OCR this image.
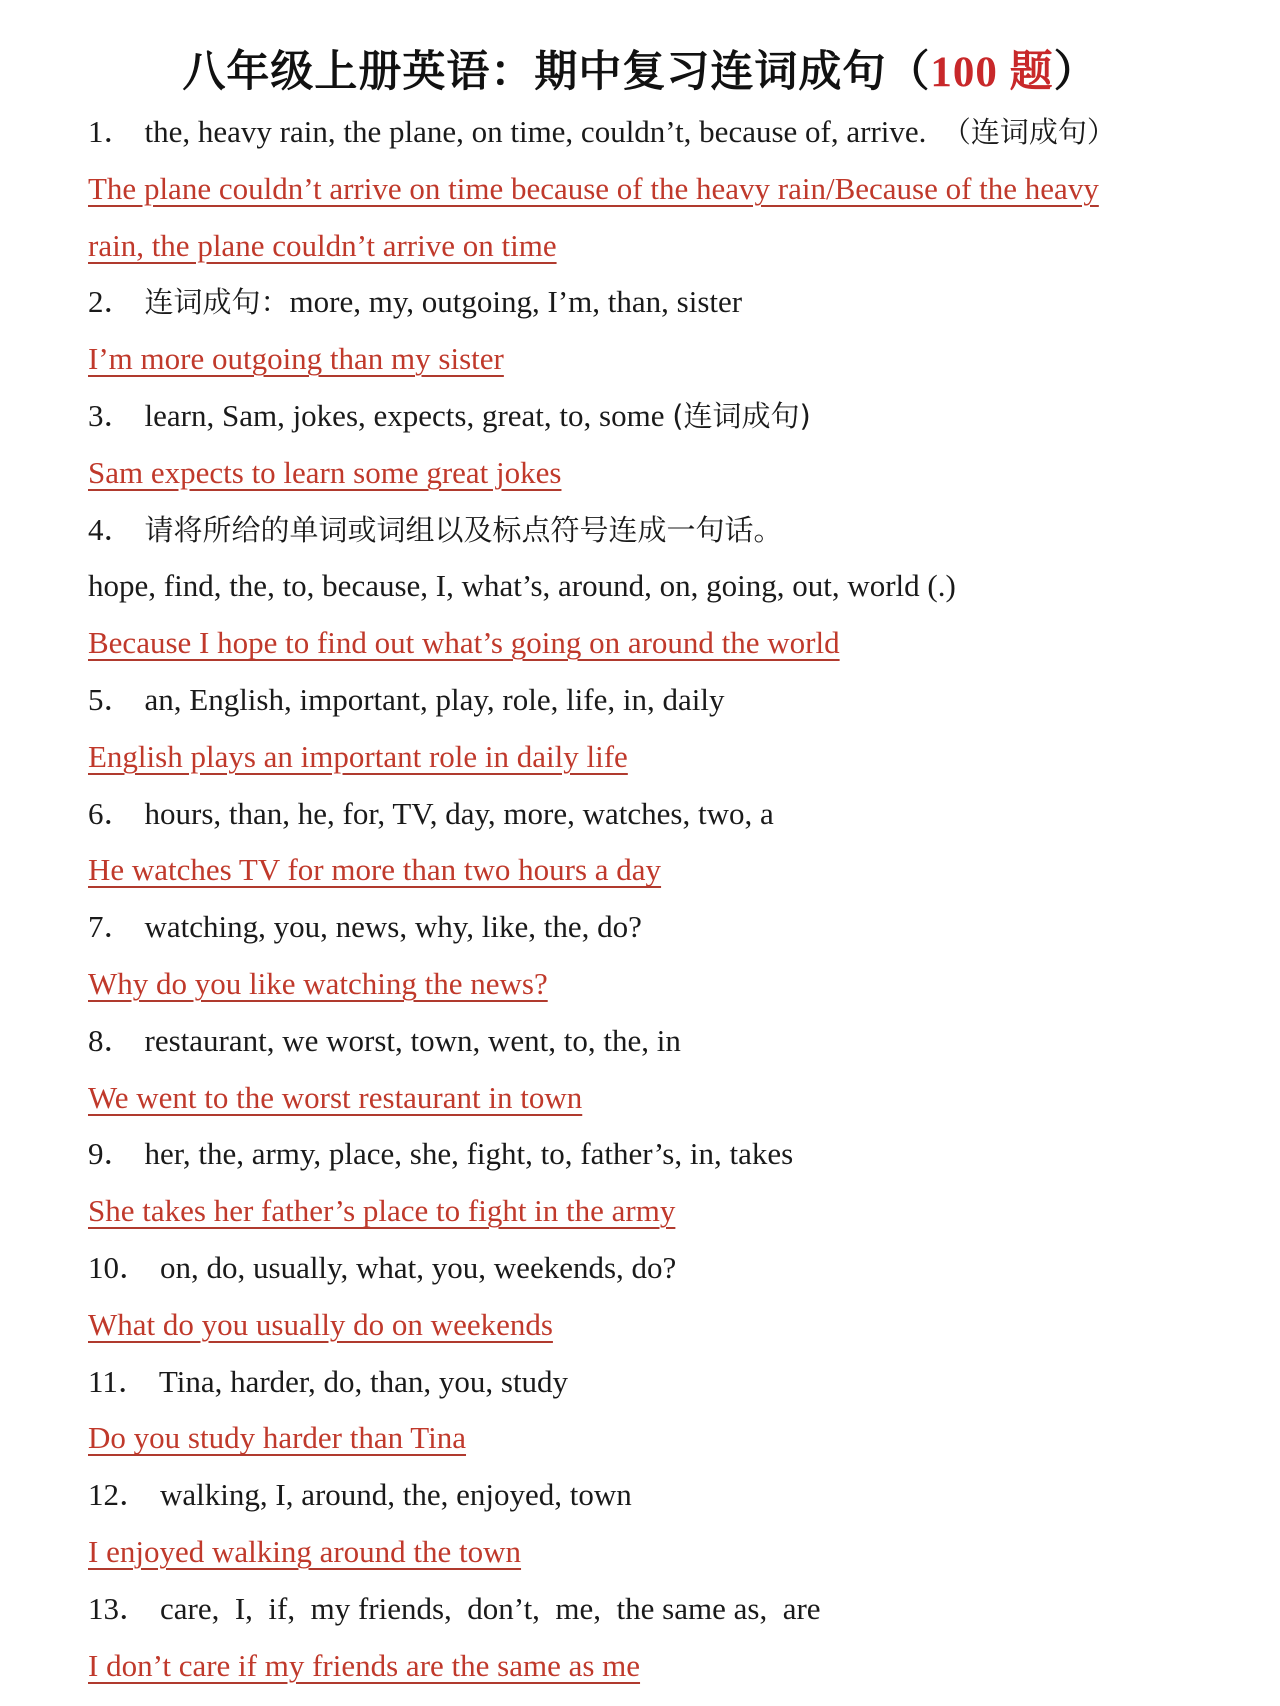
八年级上册英语：期中复习连词成句（100 题）
1． the, heavy rain, the plane, on time, couldn’t, because of, arrive. （连词成句）
The plane couldn’t arrive on time because of the heavy rain/Because of the heavy
rain, the plane couldn’t arrive on time
2． 连词成句：more, my, outgoing, I’m, than, sister
I’m more outgoing than my sister
3． learn, Sam, jokes, expects, great, to, some (连词成句)
Sam expects to learn some great jokes
4． 请将所给的单词或词组以及标点符号连成一句话。
hope, find, the, to, because, I, what’s, around, on, going, out, world (.)
Because I hope to find out what’s going on around the world
5． an, English, important, play, role, life, in, daily
English plays an important role in daily life
6． hours, than, he, for, TV, day, more, watches, two, a
He watches TV for more than two hours a day
7． watching, you, news, why, like, the, do?
Why do you like watching the news?
8． restaurant, we worst, town, went, to, the, in
We went to the worst restaurant in town
9． her, the, army, place, she, fight, to, father’s, in, takes
She takes her father’s place to fight in the army
10． on, do, usually, what, you, weekends, do?
What do you usually do on weekends
11． Tina, harder, do, than, you, study
Do you study harder than Tina
12． walking, I, around, the, enjoyed, town
I enjoyed walking around the town
13． care,  I,  if,  my friends,  don’t,  me,  the same as,  are
I don’t care if my friends are the same as me
